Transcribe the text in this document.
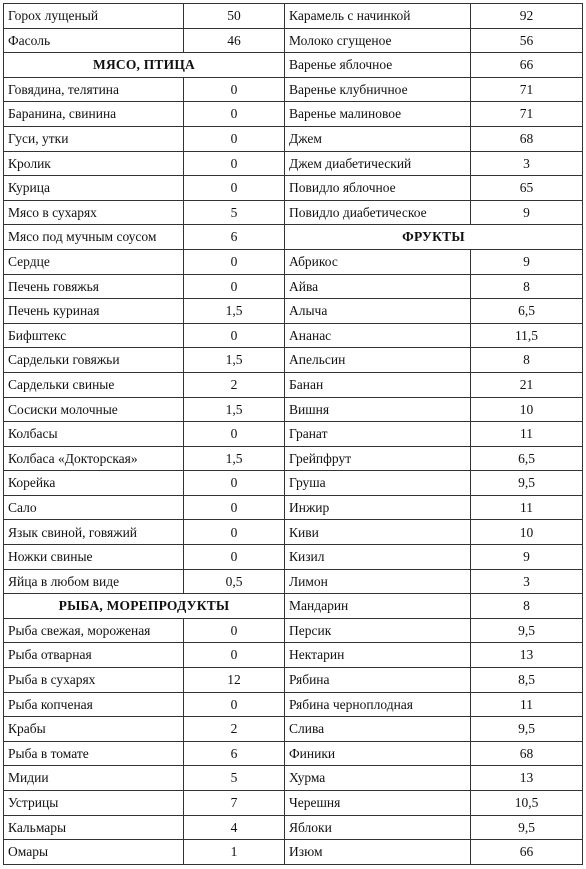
Горох лущеный	50	Карамель с начинкой	92
Фасоль	46	Молоко сгущеное	56
МЯСО, ПТИЦА		Варенье яблочное	66
Говядина, телятина	0	Варенье клубничное	71
Баранина, свинина	0	Варенье малиновое	71
Гуси, утки	0	Джем	68
Кролик	0	Джем диабетический	3
Курица	0	Повидло яблочное	65
Мясо в сухарях	5	Повидло диабетическое	9
Мясо под мучным соусом	6	ФРУКТЫ	
Сердце	0	Абрикос	9
Печень говяжья	0	Айва	8
Печень куриная	1,5	Алыча	6,5
Бифштекс	0	Ананас	11,5
Сардельки говяжьи	1,5	Апельсин	8
Сардельки свиные	2	Банан	21
Сосиски молочные	1,5	Вишня	10
Колбасы	0	Гранат	11
Колбаса «Докторская»	1,5	Грейпфрут	6,5
Корейка	0	Груша	9,5
Сало	0	Инжир	11
Язык свиной, говяжий	0	Киви	10
Ножки свиные	0	Кизил	9
Яйца в любом виде	0,5	Лимон	3
РЫБА, МОРЕПРОДУКТЫ		Мандарин	8
Рыба свежая, мороженая	0	Персик	9,5
Рыба отварная	0	Нектарин	13
Рыба в сухарях	12	Рябина	8,5
Рыба копченая	0	Рябина черноплодная	11
Крабы	2	Слива	9,5
Рыба в томате	6	Финики	68
Мидии	5	Хурма	13
Устрицы	7	Черешня	10,5
Кальмары	4	Яблоки	9,5
Омары	1	Изюм	66
